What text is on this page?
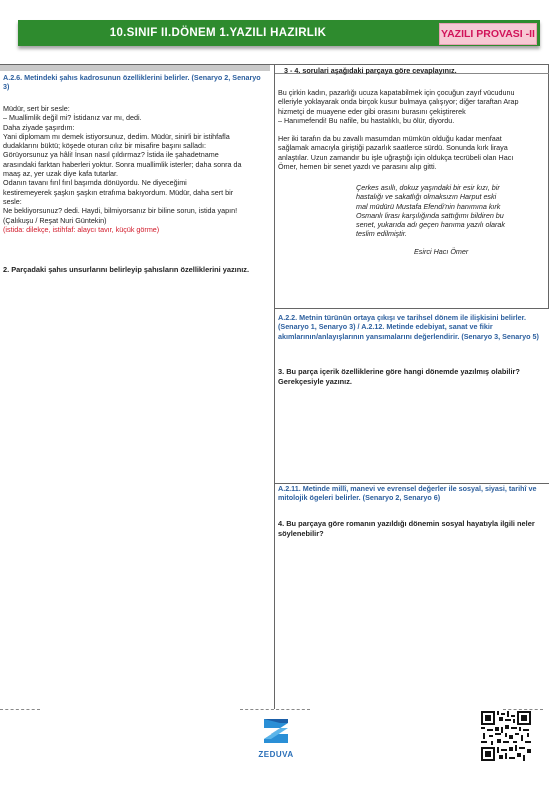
10.SINIF II.DÖNEM 1.YAZILI HAZIRLIK	YAZILI PROVASI -II
A.2.6. Metindeki şahıs kadrosunun özelliklerini belirler. (Senaryo 2, Senaryo 3)
Müdür, sert bir sesle:
– Muallimlik değil mi? İstidanız var mı, dedi.
Daha ziyade şaşırdım:
Yani diplomam mı demek istiyorsunuz, dedim. Müdür, sinirli bir istihfafla
dudaklarını büktü; köşede oturan cılız bir misafire başını salladı:
Görüyorsunuz ya hâli! İnsan nasıl çıldırmaz? İstida ile şahadetname
arasındaki farktan haberleri yoktur. Sonra muallimlik isterler; daha sonra da
maaş az, yer uzak diye kafa tutarlar.
Odanın tavanı fırıl fırıl başımda dönüyordu. Ne diyeceğimi
kestiremeyerek şaşkın şaşkın etrafıma bakıyordum. Müdür, daha sert bir
sesle:
Ne bekliyorsunuz? dedi. Haydi, bilmiyorsanız bir biline sorun, istida yapın!
(Çalıkuşu / Reşat Nuri Güntekin)
(istida: dilekçe, istihfaf: alaycı tavır, küçük görme)
2. Parçadaki şahıs unsurlarını belirleyip şahısların özelliklerini yazınız.
3 - 4. sorulari aşağıdaki parçaya göre cevaplayınız.
Bu çirkin kadın, pazarlığı ucuza kapatabilmek için çocuğun zayıf vücudunu
elleriyle yoklayarak onda birçok kusur bulmaya çalışıyor; diğer taraftan Arap
hizmetçi de muayene eder gibi orasını burasını çekiştirerek
– Hanımefendi! Bu nafile, bu hastalıklı, bu ölür, diyordu.
Her iki tarafın da bu zavallı masumdan mümkün olduğu kadar menfaat
sağlamak amacıyla giriştiği pazarlık saatlerce sürdü. Sonunda kırk liraya
anlaştılar. Uzun zamandır bu işle uğraştığı için oldukça tecrübeli olan Hacı
Ömer, hemen bir senet yazdı ve parasını alıp gitti.
Çerkes asıllı, dokuz yaşındaki bir esir kızı, bir
hastalığı ve sakatlığı olmaksızın Harput eski
mal müdürü Mustafa Efendi'nin hanımına kırk
Osmanlı lirası karşılığında sattığımı bildiren bu
senet, yukarıda adı geçen hanıma yazılı olarak
teslim edilmiştir.
Esirci Hacı Ömer
A.2.2. Metnin türünün ortaya çıkışı ve tarihsel dönem ile ilişkisini belirler. (Senaryo 1, Senaryo 3) / A.2.12. Metinde edebiyat, sanat ve fikir akımlarının/anlayışlarının yansımalarını değerlendirir. (Senaryo 3, Senaryo 5)
3. Bu parça içerik özelliklerine göre hangi dönemde yazılmış olabilir? Gerekçesiyle yazınız.
A.2.11. Metinde millî, manevi ve evrensel değerler ile sosyal, siyasi, tarihî ve mitolojik ögeleri belirler. (Senaryo 2, Senaryo 6)
4. Bu parçaya göre romanın yazıldığı dönemin sosyal hayatıyla ilgili neler söylenebilir?
ZEDUVA
